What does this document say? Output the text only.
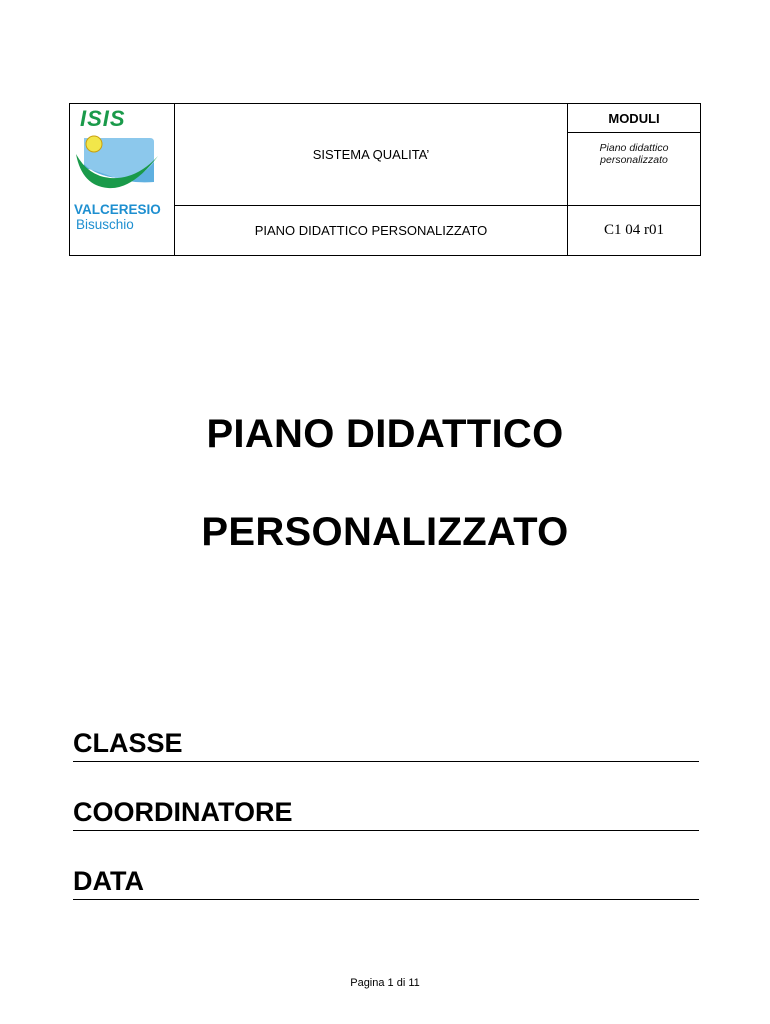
ISIS
VALCERESIO
Bisuschio
SISTEMA QUALITA’
PIANO DIDATTICO PERSONALIZZATO
MODULI
Piano didattico personalizzato
C1 04 r01
PIANO DIDATTICO
PERSONALIZZATO
CLASSE
COORDINATORE
DATA
Pagina 1 di 11
